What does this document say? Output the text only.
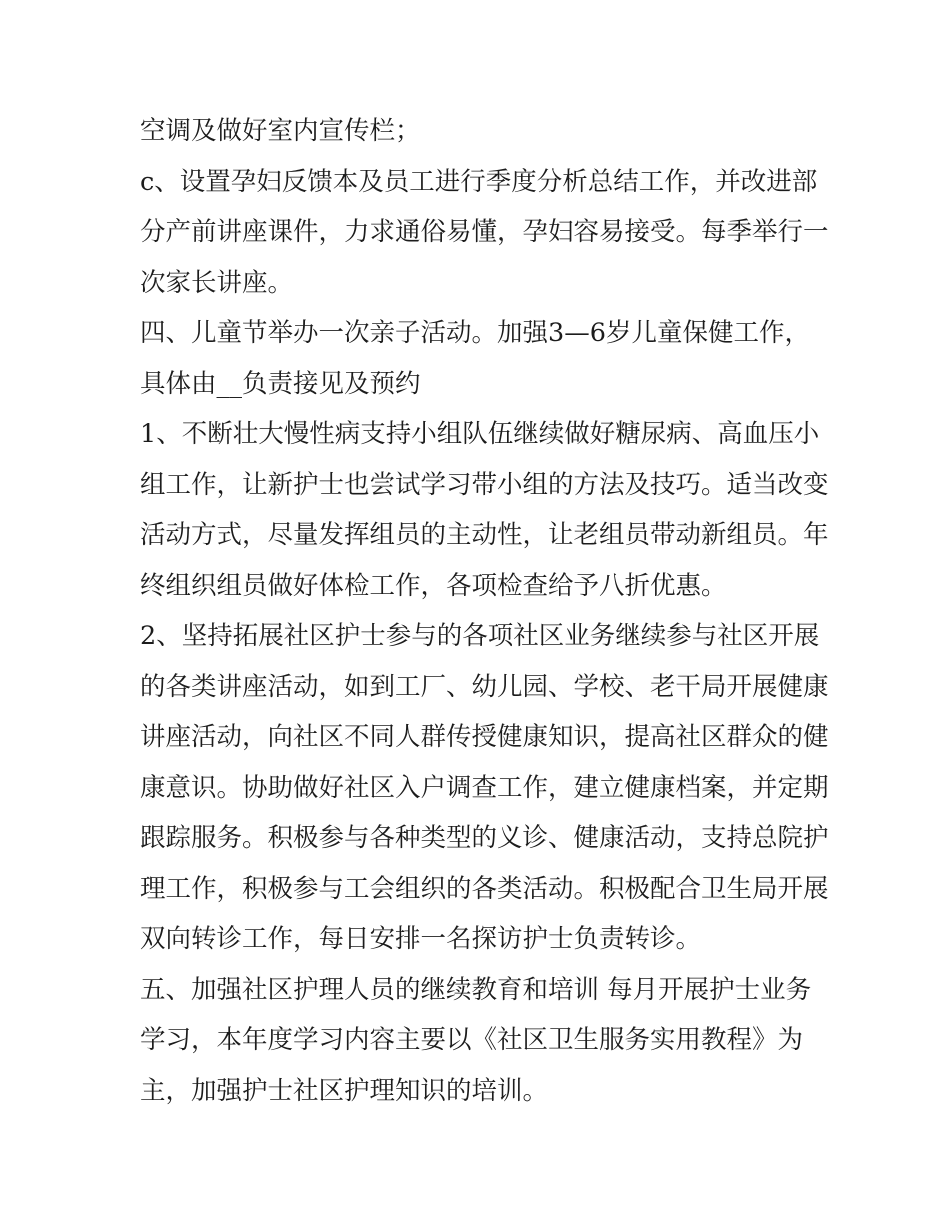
空调及做好室内宣传栏；
c、设置孕妇反馈本及员工进行季度分析总结工作，并改进部
分产前讲座课件，力求通俗易懂，孕妇容易接受。每季举行一
次家长讲座。
四、儿童节举办一次亲子活动。加强3—6岁儿童保健工作，
具体由__负责接见及预约
1、不断壮大慢性病支持小组队伍继续做好糖尿病、高血压小
组工作，让新护士也尝试学习带小组的方法及技巧。适当改变
活动方式，尽量发挥组员的主动性，让老组员带动新组员。年
终组织组员做好体检工作，各项检查给予八折优惠。
2、坚持拓展社区护士参与的各项社区业务继续参与社区开展
的各类讲座活动，如到工厂、幼儿园、学校、老干局开展健康
讲座活动，向社区不同人群传授健康知识，提高社区群众的健
康意识。协助做好社区入户调查工作，建立健康档案，并定期
跟踪服务。积极参与各种类型的义诊、健康活动，支持总院护
理工作，积极参与工会组织的各类活动。积极配合卫生局开展
双向转诊工作，每日安排一名探访护士负责转诊。
五、加强社区护理人员的继续教育和培训 每月开展护士业务
学习，本年度学习内容主要以《社区卫生服务实用教程》为
主，加强护士社区护理知识的培训。
